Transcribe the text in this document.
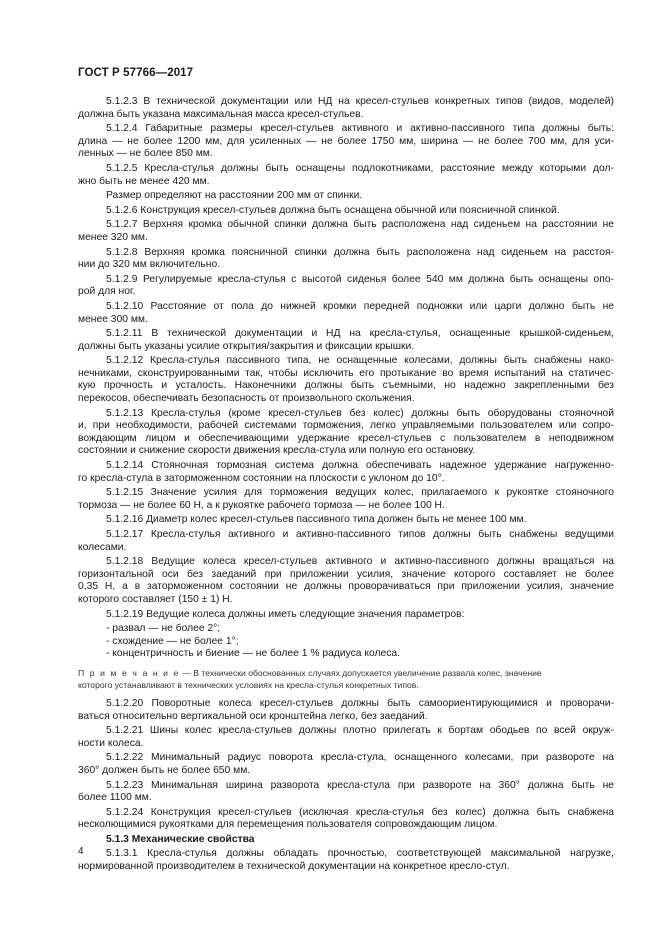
ГОСТ Р 57766—2017
5.1.2.3 В технической документации или НД на кресел-стульев конкретных типов (видов, моделей)
должна быть указана максимальная масса кресел-стульев.
5.1.2.4 Габаритные размеры кресел-стульев активного и активно-пассивного типа должны быть:
длина — не более 1200 мм, для усиленных — не более 1750 мм, ширина — не более 700 мм, для уси-
ленных — не более 850 мм.
5.1.2.5 Кресла-стулья должны быть оснащены подлокотниками, расстояние между которыми дол-
жно быть не менее 420 мм.
Размер определяют на расстоянии 200 мм от спинки.
5.1.2.6 Конструкция кресел-стульев должна быть оснащена обычной или поясничной спинкой.
5.1.2.7 Верхняя кромка обычной спинки должна быть расположена над сиденьем на расстоянии не
менее 320 мм.
5.1.2.8 Верхняя кромка поясничной спинки должна быть расположена над сиденьем на расстоя-
нии до 320 мм включительно.
5.1.2.9 Регулируемые кресла-стулья с высотой сиденья более 540 мм должна быть оснащены опо-
рой для ног.
5.1.2.10 Расстояние от пола до нижней кромки передней подножки или царги должно быть не
менее 300 мм.
5.1.2.11 В технической документации и НД на кресла-стулья, оснащенные крышкой-сиденьем,
должны быть указаны усилие открытия/закрытия и фиксации крышки.
5.1.2.12 Кресла-стулья пассивного типа, не оснащенные колесами, должны быть снабжены нако-
нечниками, сконструированными так, чтобы исключить его протыкание во время испытаний на статичес-
кую прочность и усталость. Наконечники должны быть съемными, но надежно закрепленными без
перекосов, обеспечивать безопасность от произвольного скольжения.
5.1.2.13 Кресла-стулья (кроме кресел-стульев без колес) должны быть оборудованы стояночной
и, при необходимости, рабочей системами торможения, легко управляемыми пользователем или сопро-
вождающим лицом и обеспечивающими удержание кресел-стульев с пользователем в неподвижном
состоянии и снижение скорости движения кресла-стула или полную его остановку.
5.1.2.14 Стояночная тормозная система должна обеспечивать надежное удержание нагруженно-
го кресла-стула в заторможенном состоянии на плоскости с уклоном до 10°.
5.1.2.15 Значение усилия для торможения ведущих колес, прилагаемого к рукоятке стояночного
тормоза — не более 60 Н, а к рукоятке рабочего тормоза — не более 100 Н.
5.1.2.16 Диаметр колес кресел-стульев пассивного типа должен быть не менее 100 мм.
5.1.2.17 Кресла-стулья активного и активно-пассивного типов должны быть снабжены ведущими
колесами.
5.1.2.18 Ведущие колеса кресел-стульев активного и активно-пассивного должны вращаться на
горизонтальной оси без заеданий при приложении усилия, значение которого составляет не более
0,35 Н, а в заторможенном состоянии не должны проворачиваться при приложении усилия, значение
которого составляет (150 ± 1) Н.
5.1.2.19 Ведущие колеса должны иметь следующие значения параметров:
- развал — не более 2°;
- схождение — не более 1°;
- концентричность и биение — не более 1 % радиуса колеса.
П р и м е ч а н и е — В технически обоснованных случаях допускается увеличение развала колес, значение
которого устанавливают в технических условиях на кресла-стулья конкретных типов.
5.1.2.20 Поворотные колеса кресел-стульев должны быть самоориентирующимися и проворачи-
ваться относительно вертикальной оси кронштейна легко, без заеданий.
5.1.2.21 Шины колес кресла-стульев должны плотно прилегать к бортам ободьев по всей окруж-
ности колеса.
5.1.2.22 Минимальный радиус поворота кресла-стула, оснащенного колесами, при развороте на
360° должен быть не более 650 мм.
5.1.2.23 Минимальная ширина разворота кресла-стула при развороте на 360° должна быть не
более 1100 мм.
5.1.2.24 Конструкция кресел-стульев (исключая кресла-стулья без колес) должна быть снабжена
несколющимися рукоятками для перемещения пользователя сопровождающим лицом.
5.1.3 Механические свойства
5.1.3.1 Кресла-стулья должны обладать прочностью, соответствующей максимальной нагрузке,
нормированной производителем в технической документации на конкретное кресло-стул.
4
